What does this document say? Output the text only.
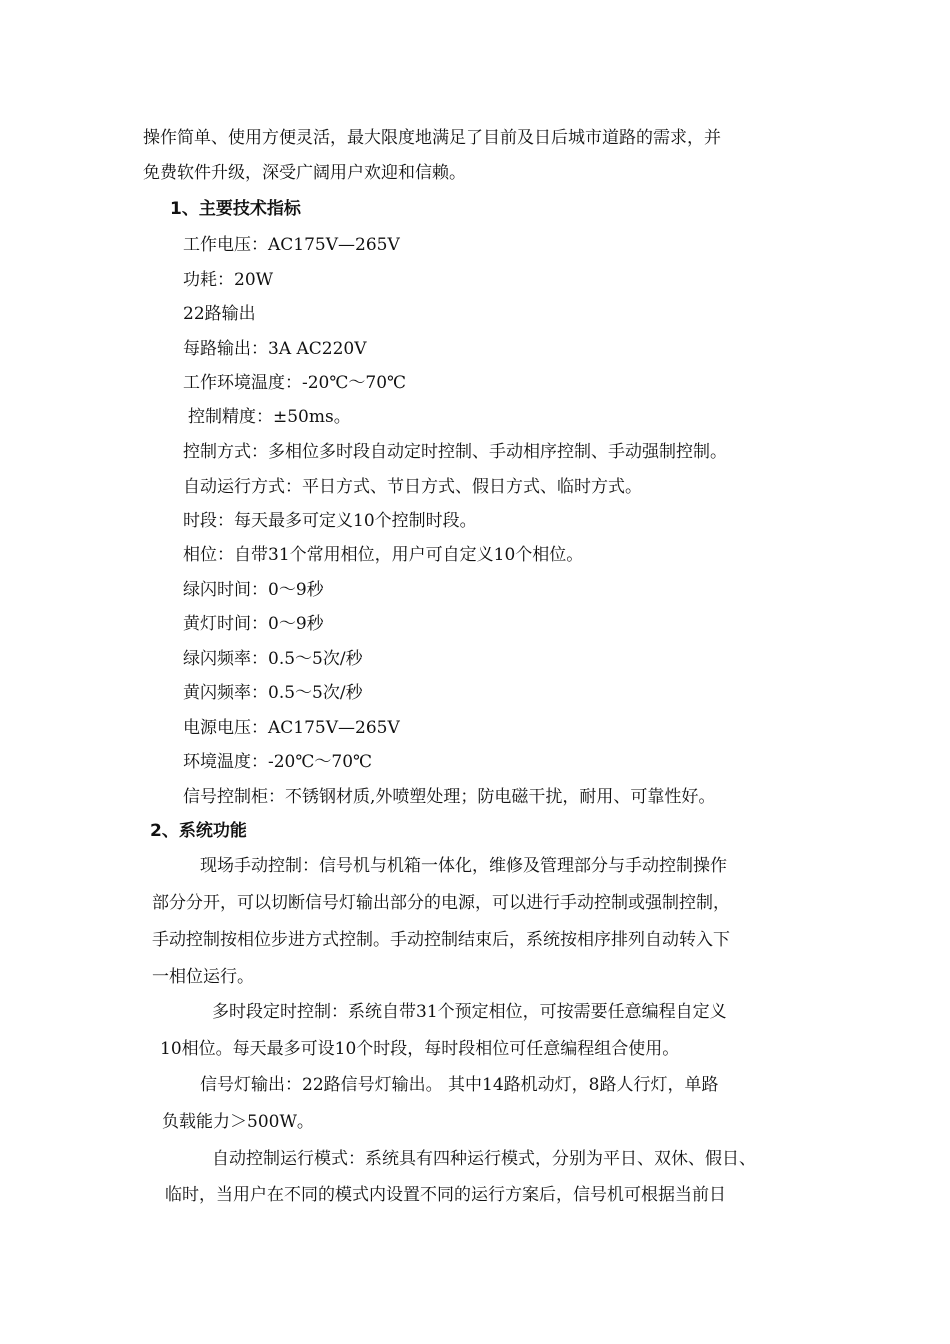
操作简单、使用方便灵活，最大限度地满足了目前及日后城市道路的需求，并
免费软件升级，深受广阔用户欢迎和信赖。
1、主要技术指标
工作电压：AC175V—265V
功耗：20W
22路输出
每路输出：3A AC220V
工作环境温度：-20℃～70℃
控制精度：±50ms。
控制方式：多相位多时段自动定时控制、手动相序控制、手动强制控制。
自动运行方式：平日方式、节日方式、假日方式、临时方式。
时段：每天最多可定义10个控制时段。
相位：自带31个常用相位，用户可自定义10个相位。
绿闪时间：0～9秒
黄灯时间：0～9秒
绿闪频率：0.5～5次/秒
黄闪频率：0.5～5次/秒
电源电压：AC175V—265V
环境温度：-20℃～70℃
信号控制柜：不锈钢材质,外喷塑处理；防电磁干扰，耐用、可靠性好。
2、系统功能
现场手动控制：信号机与机箱一体化，维修及管理部分与手动控制操作
部分分开，可以切断信号灯输出部分的电源，可以进行手动控制或强制控制，
手动控制按相位步进方式控制。手动控制结束后，系统按相序排列自动转入下
一相位运行。
多时段定时控制：系统自带31个预定相位，可按需要任意编程自定义
10相位。每天最多可设10个时段，每时段相位可任意编程组合使用。
信号灯输出：22路信号灯输出。 其中14路机动灯，8路人行灯，单路
负载能力＞500W。
自动控制运行模式：系统具有四种运行模式，分别为平日、双休、假日、
临时，当用户在不同的模式内设置不同的运行方案后，信号机可根据当前日
